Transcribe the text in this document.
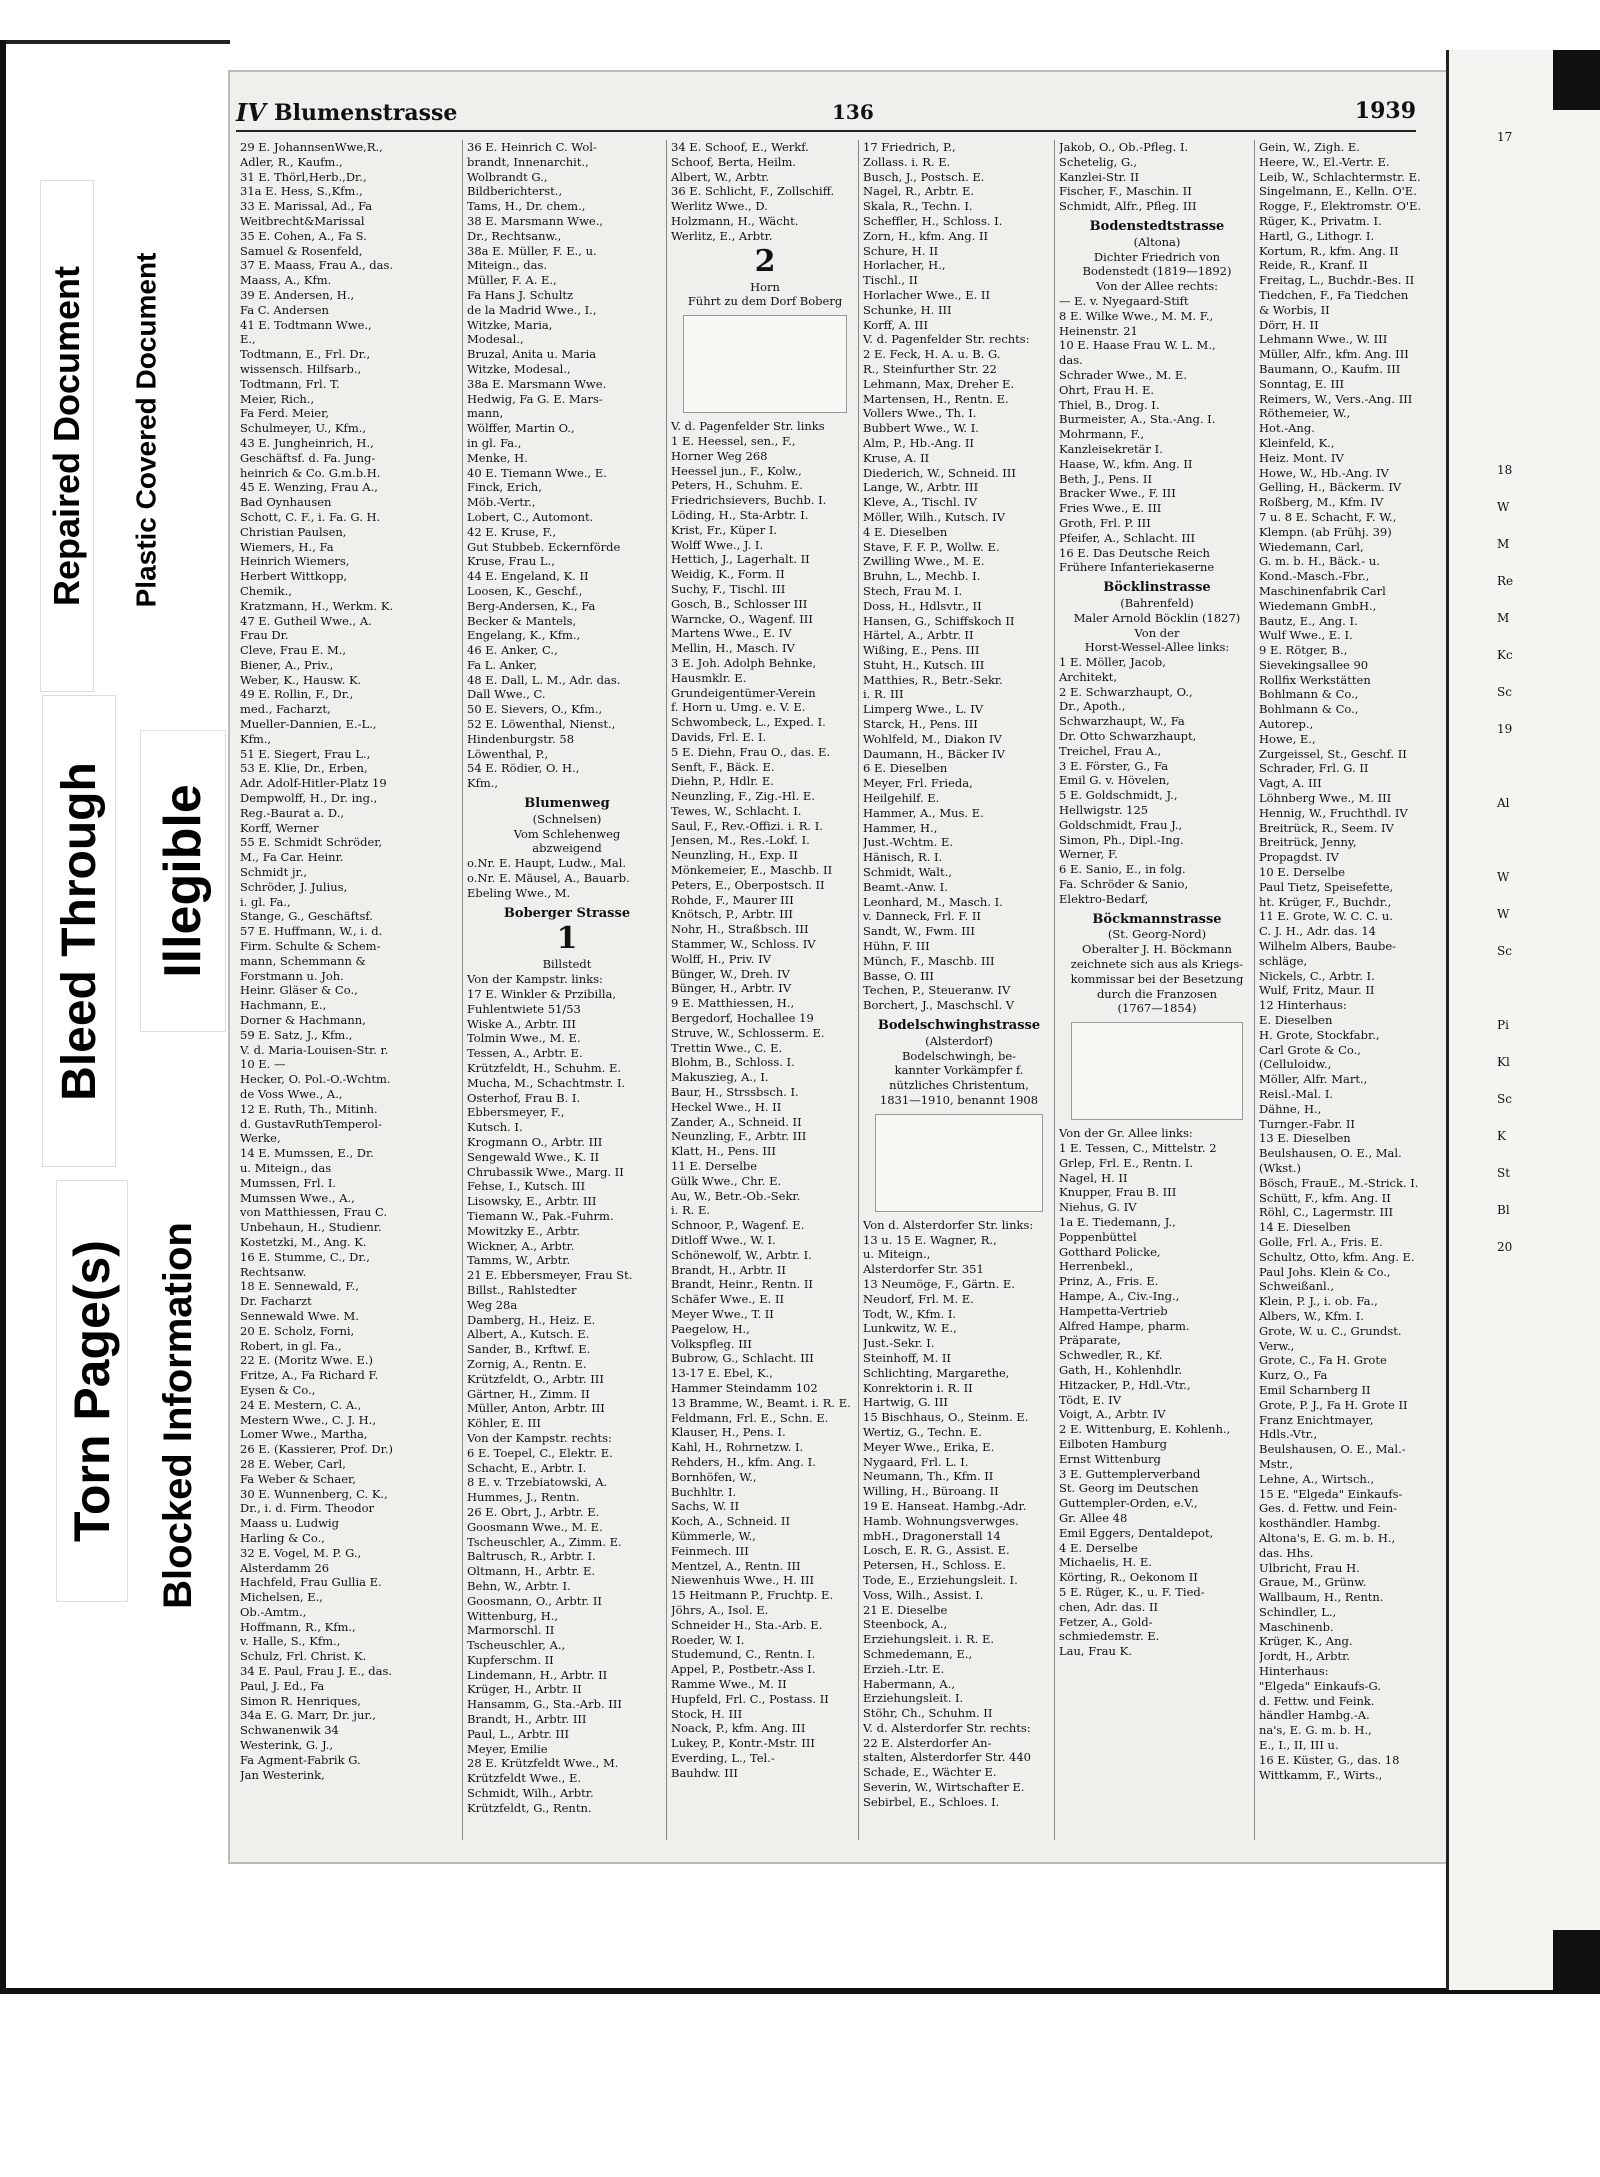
Repaired Document Plastic Covered Document
Bleed Through Illegible
Torn Page(s) Blocked Information
IV Blumenstrasse	136	1939
29 E. JohannsenWwe,R.,
Adler, R., Kaufm.,
31 E. Thörl,Herb.,Dr.,
31a E. Hess, S.,Kfm.,
33 E. Marissal, Ad., Fa
Weitbrecht&Marissal
35 E. Cohen, A., Fa S.
Samuel & Rosenfeld,
37 E. Maass, Frau A., das.
Maass, A., Kfm.
39 E. Andersen, H.,
Fa C. Andersen
41 E. Todtmann Wwe.,
E.,
Todtmann, E., Frl. Dr.,
wissensch. Hilfsarb.,
Todtmann, Frl. T.
Meier, Rich.,
Fa Ferd. Meier,
Schulmeyer, U., Kfm.,
43 E. Jungheinrich, H.,
Geschäftsf. d. Fa. Jung-
heinrich & Co. G.m.b.H.
45 E. Wenzing, Frau A.,
Bad Oynhausen
Schott, C. F., i. Fa. G. H.
Christian Paulsen,
Wiemers, H., Fa
Heinrich Wiemers,
Herbert Wittkopp,
Chemik.,
Kratzmann, H., Werkm. K.
47 E. Gutheil Wwe., A.
Frau Dr.
Cleve, Frau E. M.,
Biener, A., Priv.,
Weber, K., Hausw. K.
49 E. Rollin, F., Dr.,
med., Facharzt,
Mueller-Dannien, E.-L.,
Kfm.,
51 E. Siegert, Frau L.,
53 E. Klie, Dr., Erben,
Adr. Adolf-Hitler-Platz 19
Dempwolff, H., Dr. ing.,
Reg.-Baurat a. D.,
Korff, Werner
55 E. Schmidt Schröder,
M., Fa Car. Heinr.
Schmidt jr.,
Schröder, J. Julius,
i. gl. Fa.,
Stange, G., Geschäftsf.
57 E. Huffmann, W., i. d.
Firm. Schulte & Schem-
mann, Schemmann &
Forstmann u. Joh.
Heinr. Gläser & Co.,
Hachmann, E.,
Dorner & Hachmann,
59 E. Satz, J., Kfm.,
V. d. Maria-Louisen-Str. r.
10 E. —
Hecker, O. Pol.-O.-Wchtm.
de Voss Wwe., A.,
12 E. Ruth, Th., Mitinh.
d. GustavRuthTemperol-
Werke,
14 E. Mumssen, E., Dr.
u. Miteign., das
Mumssen, Frl. I.
Mumssen Wwe., A.,
von Matthiessen, Frau C.
Unbehaun, H., Studienr.
Kostetzki, M., Ang. K.
16 E. Stumme, C., Dr.,
Rechtsanw.
18 E. Sennewald, F.,
Dr. Facharzt
Sennewald Wwe. M.
20 E. Scholz, Forni,
Robert, in gl. Fa.,
22 E. (Moritz Wwe. E.)
Fritze, A., Fa Richard F.
Eysen & Co.,
24 E. Mestern, C. A.,
Mestern Wwe., C. J. H.,
Lomer Wwe., Martha,
26 E. (Kassierer, Prof. Dr.)
28 E. Weber, Carl,
Fa Weber & Schaer,
30 E. Wunnenberg, C. K.,
Dr., i. d. Firm. Theodor
Maass u. Ludwig
Harling & Co.,
32 E. Vogel, M. P. G.,
Alsterdamm 26
Hachfeld, Frau Gullia E.
Michelsen, E.,
Ob.-Amtm.,
Hoffmann, R., Kfm.,
v. Halle, S., Kfm.,
Schulz, Frl. Christ. K.
34 E. Paul, Frau J. E., das.
Paul, J. Ed., Fa
Simon R. Henriques,
34a E. G. Marr, Dr. jur.,
Schwanenwik 34
Westerink, G. J.,
Fa Agment-Fabrik G.
Jan Westerink,
36 E. Heinrich C. Wol-
brandt, Innenarchit.,
Wolbrandt G.,
Bildberichterst.,
Tams, H., Dr. chem.,
38 E. Marsmann Wwe.,
Dr., Rechtsanw.,
38a E. Müller, F. E., u.
Miteign., das.
Müller, F. A. E.,
Fa Hans J. Schultz
de la Madrid Wwe., I.,
Witzke, Maria,
Modesal.,
Bruzal, Anita u. Maria
Witzke, Modesal.,
38a E. Marsmann Wwe.
Hedwig, Fa G. E. Mars-
mann,
Wölffer, Martin O.,
in gl. Fa.,
Menke, H.
40 E. Tiemann Wwe., E.
Finck, Erich,
Möb.-Vertr.,
Lobert, C., Automont.
42 E. Kruse, F.,
Gut Stubbeb. Eckernförde
Kruse, Frau L.,
44 E. Engeland, K. II
Loosen, K., Geschf.,
Berg-Andersen, K., Fa
Becker & Mantels,
Engelang, K., Kfm.,
46 E. Anker, C.,
Fa L. Anker,
48 E. Dall, L. M., Adr. das.
Dall Wwe., C.
50 E. Sievers, O., Kfm.,
52 E. Löwenthal, Nienst.,
Hindenburgstr. 58
Löwenthal, P.,
54 E. Rödier, O. H.,
Kfm.,
Blumenweg
(Schnelsen)
Vom Schlehenweg
abzweigend
o.Nr. E. Haupt, Ludw., Mal.
o.Nr. E. Mäusel, A., Bauarb.
Ebeling Wwe., M.
Boberger Strasse
1
Billstedt
Von der Kampstr. links:
17 E. Winkler & Przibilla,
Fuhlentwiete 51/53
Wiske A., Arbtr. III
Tolmin Wwe., M. E.
Tessen, A., Arbtr. E.
Krützfeldt, H., Schuhm. E.
Mucha, M., Schachtmstr. I.
Osterhof, Frau B. I.
Ebbersmeyer, F.,
Kutsch. I.
Krogmann O., Arbtr. III
Sengewald Wwe., K. II
Chrubassik Wwe., Marg. II
Fehse, I., Kutsch. III
Lisowsky, E., Arbtr. III
Tiemann W., Pak.-Fuhrm.
Mowitzky E., Arbtr.
Wickner, A., Arbtr.
Tamms, W., Arbtr.
21 E. Ebbersmeyer, Frau St.
Billst., Rahlstedter
Weg 28a
Damberg, H., Heiz. E.
Albert, A., Kutsch. E.
Sander, B., Krftwf. E.
Zornig, A., Rentn. E.
Krützfeldt, O., Arbtr. III
Gärtner, H., Zimm. II
Müller, Anton, Arbtr. III
Köhler, E. III
Von der Kampstr. rechts:
6 E. Toepel, C., Elektr. E.
Schacht, E., Arbtr. I.
8 E. v. Trzebiatowski, A.
Hummes, J., Rentn.
26 E. Obrt, J., Arbtr. E.
Goosmann Wwe., M. E.
Tscheuschler, A., Zimm. E.
Baltrusch, R., Arbtr. I.
Oltmann, H., Arbtr. E.
Behn, W., Arbtr. I.
Goosmann, O., Arbtr. II
Wittenburg, H.,
Marmorschl. II
Tscheuschler, A.,
Kupferschm. II
Lindemann, H., Arbtr. II
Krüger, H., Arbtr. II
Hansamm, G., Sta.-Arb. III
Brandt, H., Arbtr. III
Paul, L., Arbtr. III
Meyer, Emilie
28 E. Krützfeldt Wwe., M.
Krützfeldt Wwe., E.
Schmidt, Wilh., Arbtr.
Krützfeldt, G., Rentn.
34 E. Schoof, E., Werkf.
Schoof, Berta, Heilm.
Albert, W., Arbtr.
36 E. Schlicht, F., Zollschiff.
Werlitz Wwe., D.
Holzmann, H., Wächt.
Werlitz, E., Arbtr.
2
Horn
Führt zu dem Dorf Boberg
V. d. Pagenfelder Str. links
1 E. Heessel, sen., F.,
Horner Weg 268
Heessel jun., F., Kolw.,
Peters, H., Schuhm. E.
Friedrichsievers, Buchb. I.
Löding, H., Sta-Arbtr. I.
Krist, Fr., Küper I.
Wolff Wwe., J. I.
Hettich, J., Lagerhalt. II
Weidig, K., Form. II
Suchy, F., Tischl. III
Gosch, B., Schlosser III
Warncke, O., Wagenf. III
Martens Wwe., E. IV
Mellin, H., Masch. IV
3 E. Joh. Adolph Behnke,
Hausmklr. E.
Grundeigentümer-Verein
f. Horn u. Umg. e. V. E.
Schwombeck, L., Exped. I.
Davids, Frl. E. I.
5 E. Diehn, Frau O., das. E.
Senft, F., Bäck. E.
Diehn, P., Hdlr. E.
Neunzling, F., Zig.-Hl. E.
Tewes, W., Schlacht. I.
Saul, F., Rev.-Offizi. i. R. I.
Jensen, M., Res.-Lokf. I.
Neunzling, H., Exp. II
Mönkemeier, E., Maschb. II
Peters, E., Oberpostsch. II
Rohde, F., Maurer III
Knötsch, P., Arbtr. III
Nohr, H., Straßbsch. III
Stammer, W., Schloss. IV
Wolff, H., Priv. IV
Bünger, W., Dreh. IV
Bünger, H., Arbtr. IV
9 E. Matthiessen, H.,
Bergedorf, Hochallee 19
Struve, W., Schlosserm. E.
Trettin Wwe., C. E.
Blohm, B., Schloss. I.
Makuszieg, A., I.
Baur, H., Strssbsch. I.
Heckel Wwe., H. II
Zander, A., Schneid. II
Neunzling, F., Arbtr. III
Klatt, H., Pens. III
11 E. Derselbe
Gülk Wwe., Chr. E.
Au, W., Betr.-Ob.-Sekr.
i. R. E.
Schnoor, P., Wagenf. E.
Ditloff Wwe., W. I.
Schönewolf, W., Arbtr. I.
Brandt, H., Arbtr. II
Brandt, Heinr., Rentn. II
Schäfer Wwe., E. II
Meyer Wwe., T. II
Paegelow, H.,
Volkspfleg. III
Bubrow, G., Schlacht. III
13-17 E. Ebel, K.,
Hammer Steindamm 102
13 Bramme, W., Beamt. i. R. E.
Feldmann, Frl. E., Schn. E.
Klauser, H., Pens. I.
Kahl, H., Rohrnetzw. I.
Rehders, H., kfm. Ang. I.
Bornhöfen, W.,
Buchhltr. I.
Sachs, W. II
Koch, A., Schneid. II
Kümmerle, W.,
Feinmech. III
Mentzel, A., Rentn. III
Niewenhuis Wwe., H. III
15 Heitmann P., Fruchtp. E.
Jöhrs, A., Isol. E.
Schneider H., Sta.-Arb. E.
Roeder, W. I.
Studemund, C., Rentn. I.
Appel, P., Postbetr.-Ass I.
Ramme Wwe., M. II
Hupfeld, Frl. C., Postass. II
Stock, H. III
Noack, P., kfm. Ang. III
Lukey, P., Kontr.-Mstr. III
Everding, L., Tel.-
Bauhdw. III
17 Friedrich, P.,
Zollass. i. R. E.
Busch, J., Postsch. E.
Nagel, R., Arbtr. E.
Skala, R., Techn. I.
Scheffler, H., Schloss. I.
Zorn, H., kfm. Ang. II
Schure, H. II
Horlacher, H.,
Tischl., II
Horlacher Wwe., E. II
Schunke, H. III
Korff, A. III
V. d. Pagenfelder Str. rechts:
2 E. Feck, H. A. u. B. G.
R., Steinfurther Str. 22
Lehmann, Max, Dreher E.
Martensen, H., Rentn. E.
Vollers Wwe., Th. I.
Bubbert Wwe., W. I.
Alm, P., Hb.-Ang. II
Kruse, A. II
Diederich, W., Schneid. III
Lange, W., Arbtr. III
Kleve, A., Tischl. IV
Möller, Wilh., Kutsch. IV
4 E. Dieselben
Stave, F. F. P., Wollw. E.
Zwilling Wwe., M. E.
Bruhn, L., Mechb. I.
Stech, Frau M. I.
Doss, H., Hdlsvtr., II
Hansen, G., Schiffskoch II
Härtel, A., Arbtr. II
Wißing, E., Pens. III
Stuht, H., Kutsch. III
Matthies, R., Betr.-Sekr.
i. R. III
Limperg Wwe., L. IV
Starck, H., Pens. III
Wohlfeld, M., Diakon IV
Daumann, H., Bäcker IV
6 E. Dieselben
Meyer, Frl. Frieda,
Heilgehilf. E.
Hammer, A., Mus. E.
Hammer, H.,
Just.-Wchtm. E.
Hänisch, R. I.
Schmidt, Walt.,
Beamt.-Anw. I.
Leonhard, M., Masch. I.
v. Danneck, Frl. F. II
Sandt, W., Fwm. III
Hühn, F. III
Münch, F., Maschb. III
Basse, O. III
Techen, P., Steueranw. IV
Borchert, J., Maschschl. V
Bodelschwinghstrasse
(Alsterdorf)
Bodelschwingh, be-
kannter Vorkämpfer f.
nützliches Christentum,
1831—1910, benannt 1908
Von d. Alsterdorfer Str. links:
13 u. 15 E. Wagner, R.,
u. Miteign.,
Alsterdorfer Str. 351
13 Neumöge, F., Gärtn. E.
Neudorf, Frl. M. E.
Todt, W., Kfm. I.
Lunkwitz, W. E.,
Just.-Sekr. I.
Steinhoff, M. II
Schlichting, Margarethe,
Konrektorin i. R. II
Hartwig, G. III
15 Bischhaus, O., Steinm. E.
Wertiz, G., Techn. E.
Meyer Wwe., Erika, E.
Nygaard, Frl. L. I.
Neumann, Th., Kfm. II
Willing, H., Büroang. II
19 E. Hanseat. Hambg.-Adr.
Hamb. Wohnungsverwges.
mbH., Dragonerstall 14
Losch, E. R. G., Assist. E.
Petersen, H., Schloss. E.
Tode, E., Erziehungsleit. I.
Voss, Wilh., Assist. I.
21 E. Dieselbe
Steenbock, A.,
Erziehungsleit. i. R. E.
Schmedemann, E.,
Erzieh.-Ltr. E.
Habermann, A.,
Erziehungsleit. I.
Stöhr, Ch., Schuhm. II
V. d. Alsterdorfer Str. rechts:
22 E. Alsterdorfer An-
stalten, Alsterdorfer Str. 440
Schade, E., Wächter E.
Severin, W., Wirtschafter E.
Sebirbel, E., Schloes. I.
Jakob, O., Ob.-Pfleg. I.
Schetelig, G.,
Kanzlei-Str. II
Fischer, F., Maschin. II
Schmidt, Alfr., Pfleg. III
Bodenstedtstrasse
(Altona)
Dichter Friedrich von
Bodenstedt (1819—1892)
Von der Allee rechts:
— E. v. Nyegaard-Stift
8 E. Wilke Wwe., M. M. F.,
Heinenstr. 21
10 E. Haase Frau W. L. M.,
das.
Schrader Wwe., M. E.
Ohrt, Frau H. E.
Thiel, B., Drog. I.
Burmeister, A., Sta.-Ang. I.
Mohrmann, F.,
Kanzleisekretär I.
Haase, W., kfm. Ang. II
Beth, J., Pens. II
Bracker Wwe., F. III
Fries Wwe., E. III
Groth, Frl. P. III
Pfeifer, A., Schlacht. III
16 E. Das Deutsche Reich
Frühere Infanteriekaserne
Böcklinstrasse
(Bahrenfeld)
Maler Arnold Böcklin (1827)
Von der
Horst-Wessel-Allee links:
1 E. Möller, Jacob,
Architekt,
2 E. Schwarzhaupt, O.,
Dr., Apoth.,
Schwarzhaupt, W., Fa
Dr. Otto Schwarzhaupt,
Treichel, Frau A.,
3 E. Förster, G., Fa
Emil G. v. Hövelen,
5 E. Goldschmidt, J.,
Hellwigstr. 125
Goldschmidt, Frau J.,
Simon, Ph., Dipl.-Ing.
Werner, F.
6 E. Sanio, E., in folg.
Fa. Schröder & Sanio,
Elektro-Bedarf,
Böckmannstrasse
(St. Georg-Nord)
Oberalter J. H. Böckmann
zeichnete sich aus als Kriegs-
kommissar bei der Besetzung
durch die Franzosen
(1767—1854)
Von der Gr. Allee links:
1 E. Tessen, C., Mittelstr. 2
Grlep, Frl. E., Rentn. I.
Nagel, H. II
Knupper, Frau B. III
Niehus, G. IV
1a E. Tiedemann, J.,
Poppenbüttel
Gotthard Policke,
Herrenbekl.,
Prinz, A., Fris. E.
Hampe, A., Civ.-Ing.,
Hampetta-Vertrieb
Alfred Hampe, pharm.
Präparate,
Schwedler, R., Kf.
Gath, H., Kohlenhdlr.
Hitzacker, P., Hdl.-Vtr.,
Tödt, E. IV
Voigt, A., Arbtr. IV
2 E. Wittenburg, E. Kohlenh.,
Eilboten Hamburg
Ernst Wittenburg
3 E. Guttemplerverband
St. Georg im Deutschen
Guttempler-Orden, e.V.,
Gr. Allee 48
Emil Eggers, Dentaldepot,
4 E. Derselbe
Michaelis, H. E.
Körting, R., Oekonom II
5 E. Rüger, K., u. F. Tied-
chen, Adr. das. II
Fetzer, A., Gold-
schmiedemstr. E.
Lau, Frau K.
Gein, W., Zigh. E.
Heere, W., El.-Vertr. E.
Leib, W., Schlachtermstr. E.
Singelmann, E., Kelln. O'E.
Rogge, F., Elektromstr. O'E.
Rüger, K., Privatm. I.
Hartl, G., Lithogr. I.
Kortum, R., kfm. Ang. II
Reide, R., Kranf. II
Freitag, L., Buchdr.-Bes. II
Tiedchen, F., Fa Tiedchen
& Worbis, II
Dörr, H. II
Lehmann Wwe., W. III
Müller, Alfr., kfm. Ang. III
Baumann, O., Kaufm. III
Sonntag, E. III
Reimers, W., Vers.-Ang. III
Röthemeier, W.,
Hot.-Ang.
Kleinfeld, K.,
Heiz. Mont. IV
Howe, W., Hb.-Ang. IV
Gelling, H., Bäckerm. IV
Roßberg, M., Kfm. IV
7 u. 8 E. Schacht, F. W.,
Klempn. (ab Frühj. 39)
Wiedemann, Carl,
G. m. b. H., Bäck.- u.
Kond.-Masch.-Fbr.,
Maschinenfabrik Carl
Wiedemann GmbH.,
Bautz, E., Ang. I.
Wulf Wwe., E. I.
9 E. Rötger, B.,
Sievekingsallee 90
Rollfix Werkstätten
Bohlmann & Co.,
Bohlmann & Co.,
Autorep.,
Howe, E.,
Zurgeissel, St., Geschf. II
Schrader, Frl. G. II
Vagt, A. III
Löhnberg Wwe., M. III
Hennig, W., Fruchthdl. IV
Breitrück, R., Seem. IV
Breitrück, Jenny,
Propagdst. IV
10 E. Derselbe
Paul Tietz, Speisefette,
ht. Krüger, F., Buchdr.,
11 E. Grote, W. C. C. u.
C. J. H., Adr. das. 14
Wilhelm Albers, Baube-
schläge,
Nickels, C., Arbtr. I.
Wulf, Fritz, Maur. II
12 Hinterhaus:
E. Dieselben
H. Grote, Stockfabr.,
Carl Grote & Co.,
(Celluloidw.,
Möller, Alfr. Mart.,
Reisl.-Mal. I.
Dähne, H.,
Turnger.-Fabr. II
13 E. Dieselben
Beulshausen, O. E., Mal.
(Wkst.)
Bösch, FrauE., M.-Strick. I.
Schütt, F., kfm. Ang. II
Röhl, C., Lagermstr. III
14 E. Dieselben
Golle, Frl. A., Fris. E.
Schultz, Otto, kfm. Ang. E.
Paul Johs. Klein & Co.,
Schweißanl.,
Klein, P. J., i. ob. Fa.,
Albers, W., Kfm. I.
Grote, W. u. C., Grundst.
Verw.,
Grote, C., Fa H. Grote
Kurz, O., Fa
Emil Scharnberg II
Grote, P. J., Fa H. Grote II
Franz Enichtmayer,
Hdls.-Vtr.,
Beulshausen, O. E., Mal.-
Mstr.,
Lehne, A., Wirtsch.,
15 E. "Elgeda" Einkaufs-
Ges. d. Fettw. und Fein-
kosthändler. Hambg.
Altona's, E. G. m. b. H.,
das. Hhs.
Ulbricht, Frau H.
Graue, M., Grünw.
Wallbaum, H., Rentn.
Schindler, L.,
Maschinenb.
Krüger, K., Ang.
Jordt, H., Arbtr.
Hinterhaus:
"Elgeda" Einkaufs-G.
d. Fettw. und Feink.
händler Hambg.-A.
na's, E. G. m. b. H.,
E., I., II, III u.
16 E. Küster, G., das. 18
Wittkamm, F., Wirts.,
17
18
W
M
Re
M
Kc
Sc
19
Al
W
W
Sc
Pi
Kl
Sc
K
St
Bl
20
